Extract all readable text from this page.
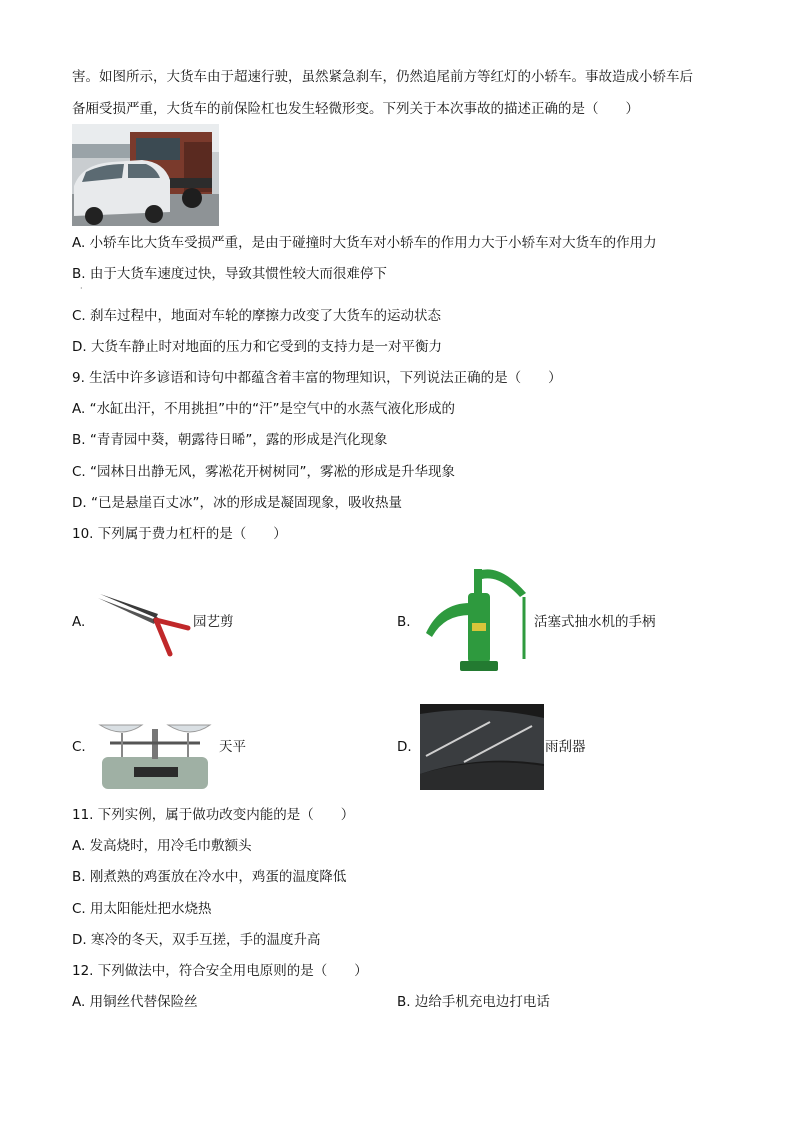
害。如图所示，大货车由于超速行驶，虽然紧急刹车，仍然追尾前方等红灯的小轿车。事故造成小轿车后
备厢受损严重，大货车的前保险杠也发生轻微形变。下列关于本次事故的描述正确的是（　　）
A. 小轿车比大货车受损严重，是由于碰撞时大货车对小轿车的作用力大于小轿车对大货车的作用力
B. 由于大货车速度过快，导致其惯性较大而很难停下
·
C. 刹车过程中，地面对车轮的摩擦力改变了大货车的运动状态
D. 大货车静止时对地面的压力和它受到的支持力是一对平衡力
9. 生活中许多谚语和诗句中都蕴含着丰富的物理知识，下列说法正确的是（　　）
A. “水缸出汗，不用挑担”中的“汗”是空气中的水蒸气液化形成的
B. “青青园中葵，朝露待日晞”，露的形成是汽化现象
C. “园林日出静无风，雾凇花开树树同”，雾凇的形成是升华现象
D. “已是悬崖百丈冰”，冰的形成是凝固现象，吸收热量
10. 下列属于费力杠杆的是（　　）
A.	园艺剪	B.	活塞式抽水机的手柄
C.	天平	D.	雨刮器
11. 下列实例，属于做功改变内能的是（　　）
A. 发高烧时，用冷毛巾敷额头
B. 刚煮熟的鸡蛋放在冷水中，鸡蛋的温度降低
C. 用太阳能灶把水烧热
D. 寒冷的冬天，双手互搓，手的温度升高
12. 下列做法中，符合安全用电原则的是（　　）
A. 用铜丝代替保险丝	B. 边给手机充电边打电话
